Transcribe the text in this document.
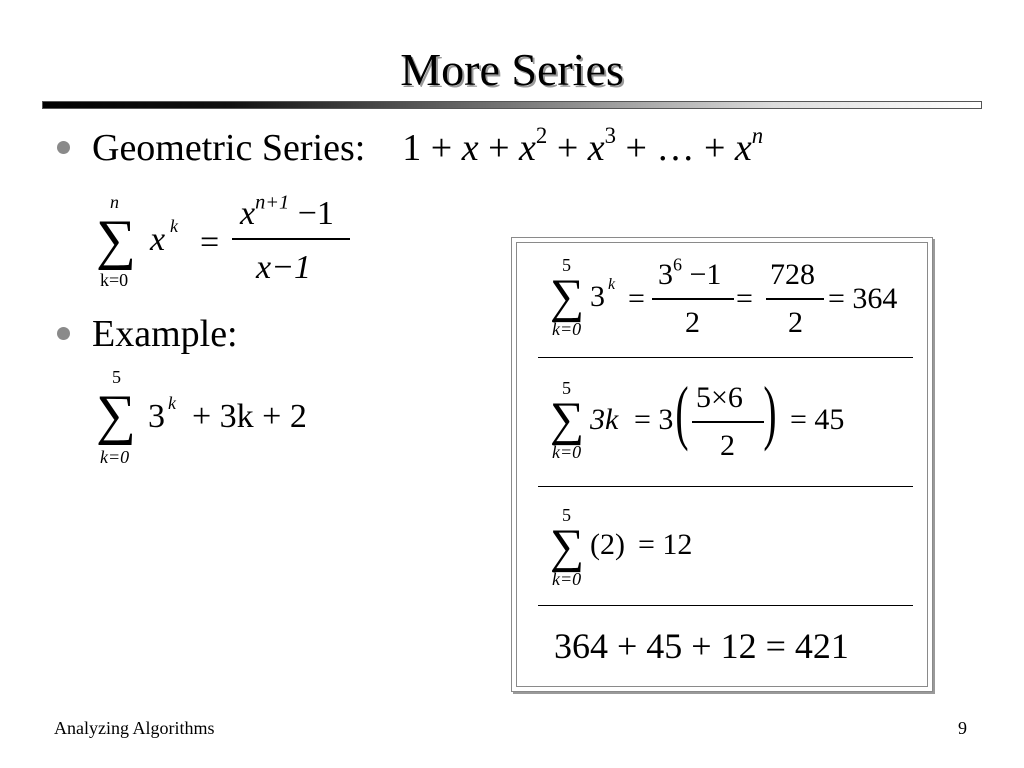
More Series
Geometric Series: $1 + x + x^2 + x^3$ + … + $x^n$
n
∑
k=0
x k =
$x^{n+1} -1$
x−1
Example:
5
∑
k=0
3 k + 3k + 2
5
∑
k=0
3 k =
$3^6 -1$
2
=
728
2
= 364
5
∑
k=0
3k = 3 ( 5×6
2 ) = 45
5
∑
k=0
(2) = 12
364 + 45 + 12 = 421
Analyzing Algorithms	9
